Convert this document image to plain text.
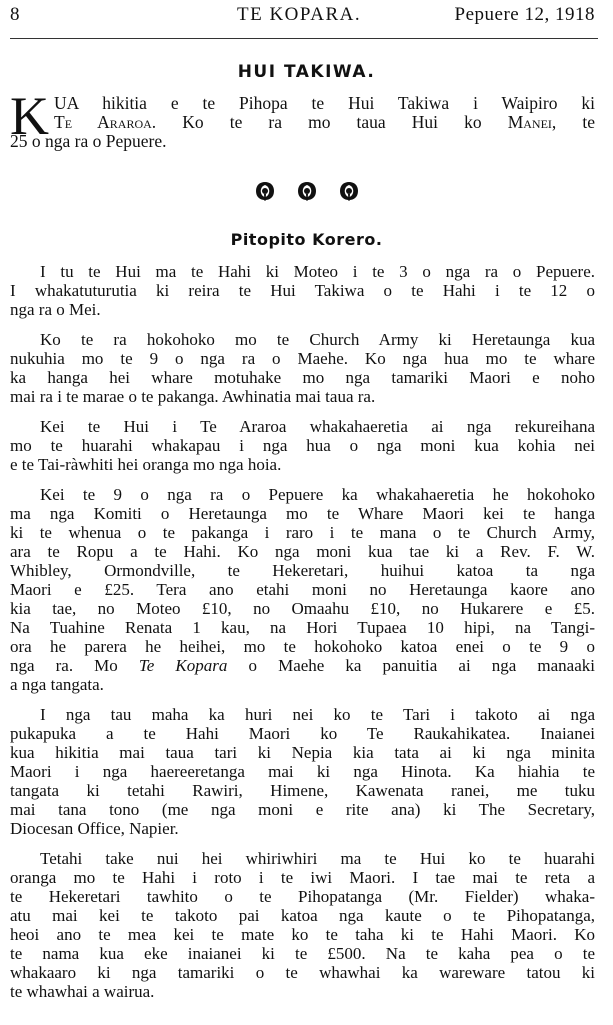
8	TE KOPARA.	Pepuere 12, 1918
HUI TAKIWA.
K UA hikitia e te Pihopa te Hui Takiwa i Waipiro ki
Te Araroa. Ko te ra mo taua Hui ko Manei, te
25 o nga ra o Pepuere.
Pitopito Korero.
I tu te Hui ma te Hahi ki Moteo i te 3 o nga ra o Pepuere.
I whakatuturutia ki reira te Hui Takiwa o te Hahi i te 12 o
nga ra o Mei.
Ko te ra hokohoko mo te Church Army ki Heretaunga kua
nukuhia mo te 9 o nga ra o Maehe. Ko nga hua mo te whare
ka hanga hei whare motuhake mo nga tamariki Maori e noho
mai ra i te marae o te pakanga. Awhinatia mai taua ra.
Kei te Hui i Te Araroa whakahaeretia ai nga rekureihana
mo te huarahi whakapau i nga hua o nga moni kua kohia nei
e te Tai-ràwhiti hei oranga mo nga hoia.
Kei te 9 o nga ra o Pepuere ka whakahaeretia he hokohoko
ma nga Komiti o Heretaunga mo te Whare Maori kei te hanga
ki te whenua o te pakanga i raro i te mana o te Church Army,
ara te Ropu a te Hahi. Ko nga moni kua tae ki a Rev. F. W.
Whibley, Ormondville, te Hekeretari, huihui katoa ta nga
Maori e £25. Tera ano etahi moni no Heretaunga kaore ano
kia tae, no Moteo £10, no Omaahu £10, no Hukarere e £5.
Na Tuahine Renata 1 kau, na Hori Tupaea 10 hipi, na Tangi-
ora he parera he heihei, mo te hokohoko katoa enei o te 9 o
nga ra. Mo Te Kopara o Maehe ka panuitia ai nga manaaki
a nga tangata.
I nga tau maha ka huri nei ko te Tari i takoto ai nga
pukapuka a te Hahi Maori ko Te Raukahikatea. Inaianei
kua hikitia mai taua tari ki Nepia kia tata ai ki nga minita
Maori i nga haereeretanga mai ki nga Hinota. Ka hiahia te
tangata ki tetahi Rawiri, Himene, Kawenata ranei, me tuku
mai tana tono (me nga moni e rite ana) ki The Secretary,
Diocesan Office, Napier.
Tetahi take nui hei whiriwhiri ma te Hui ko te huarahi
oranga mo te Hahi i roto i te iwi Maori. I tae mai te reta a
te Hekeretari tawhito o te Pihopatanga (Mr. Fielder) whaka-
atu mai kei te takoto pai katoa nga kaute o te Pihopatanga,
heoi ano te mea kei te mate ko te taha ki te Hahi Maori. Ko
te nama kua eke inaianei ki te £500. Na te kaha pea o te
whakaaro ki nga tamariki o te whawhai ka wareware tatou ki
te whawhai a wairua.
